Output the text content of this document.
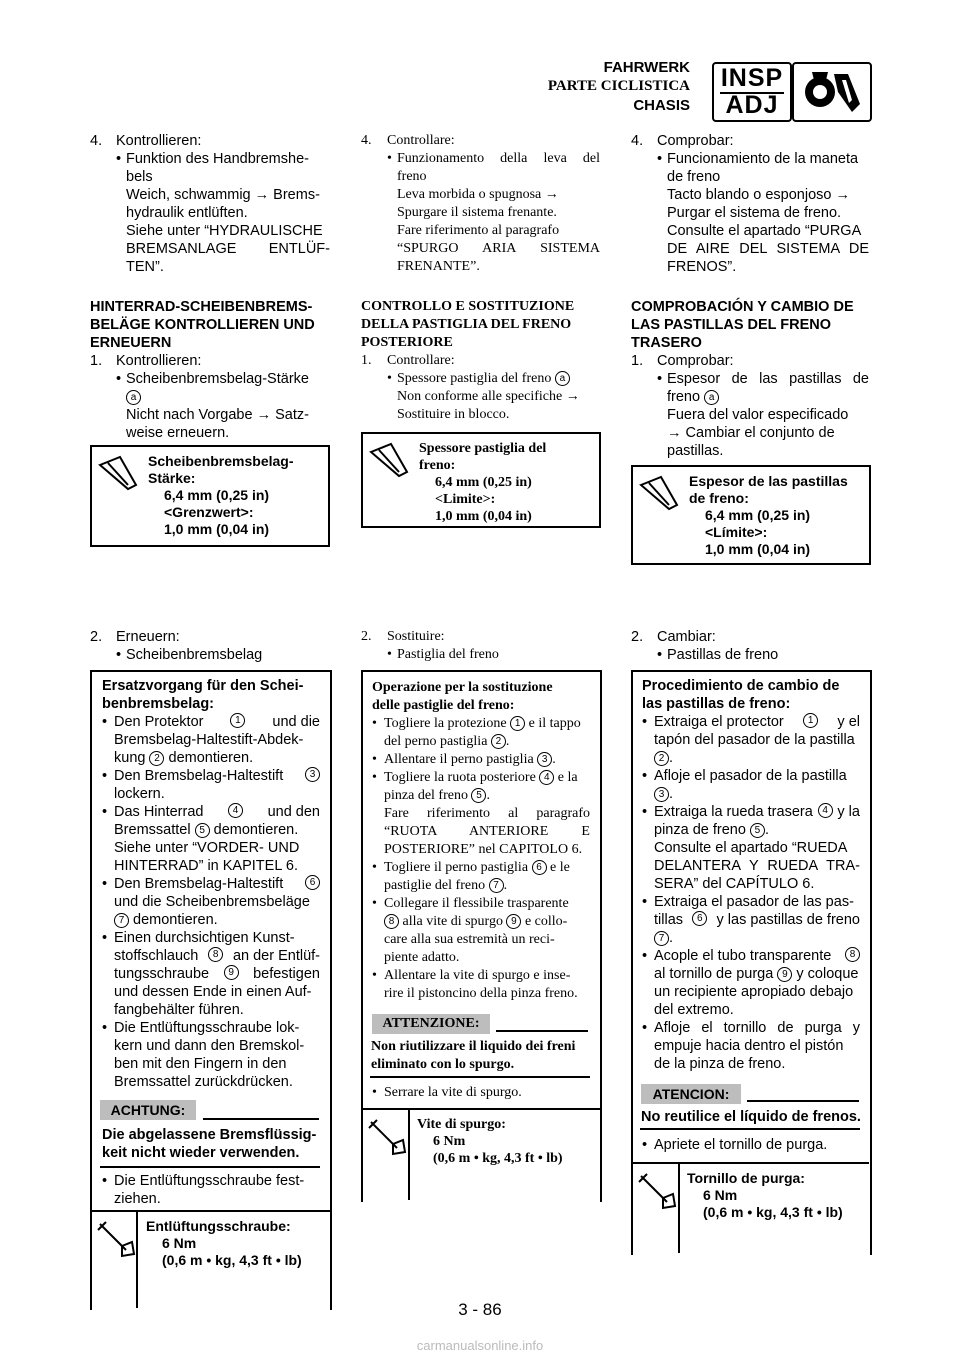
FAHRWERK
PARTE CICLISTICA
CHASIS
INSP
ADJ
4. Kontrollieren:
• Funktion des Handbremshe-
bels
Weich, schwammig → Brems-
hydraulik entlüften.
Siehe unter “HYDRAULISCHE
BREMSANLAGE ENTLÜF-
TEN”.
HINTERRAD-SCHEIBENBREMS-
BELÄGE KONTROLLIEREN UND
ERNEUERN
1. Kontrollieren:
• Scheibenbremsbelag-Stärke
a
Nicht nach Vorgabe → Satz-
weise erneuern.
Scheibenbremsbelag-
Stärke:
6,4 mm (0,25 in)
<Grenzwert>:
1,0 mm (0,04 in)
2. Erneuern:
• Scheibenbremsbelag
Ersatzvorgang für den Schei-
benbremsbelag:
• Den Protektor	1	und die
Bremsbelag-Haltestift-Abdek-
kung 2 demontieren.
• Den Bremsbelag-Haltestift	3
lockern.
• Das Hinterrad	4	und den
Bremssattel 5 demontieren.
Siehe unter “VORDER- UND
HINTERRAD” in KAPITEL 6.
• Den Bremsbelag-Haltestift	6
und die Scheibenbremsbeläge
7 demontieren.
• Einen durchsichtigen Kunst-
stoffschlauch	8	an der Entlüf-
tungsschraube	9	befestigen
und dessen Ende in einen Auf-
fangbehälter führen.
• Die Entlüftungsschraube lok-
kern und dann den Bremskol-
ben mit den Fingern in den
Bremssattel zurückdrücken.
ACHTUNG:
Die abgelassene Bremsflüssig-
keit nicht wieder verwenden.
• Die Entlüftungsschraube fest-
ziehen.
Entlüftungsschraube:
6 Nm
(0,6 m • kg, 4,3 ft • lb)
4. Controllare:
• Funzionamento della leva del
freno
Leva morbida o spugnosa →
Spurgare il sistema frenante.
Fare riferimento al paragrafo
“SPURGO ARIA SISTEMA
FRENANTE”.
CONTROLLO E SOSTITUZIONE
DELLA PASTIGLIA DEL FRENO
POSTERIORE
1. Controllare:
• Spessore pastiglia del freno a
Non conforme alle specifiche →
Sostituire in blocco.
Spessore pastiglia del
freno:
6,4 mm (0,25 in)
<Limite>:
1,0 mm (0,04 in)
2. Sostituire:
• Pastiglia del freno
Operazione per la sostituzione
delle pastiglie del freno:
• Togliere la protezione 1 e il tappo
del perno pastiglia 2 .
• Allentare il perno pastiglia 3 .
• Togliere la ruota posteriore 4 e la
pinza del freno 5 .
Fare riferimento al paragrafo
“RUOTA ANTERIORE E
POSTERIORE” nel CAPITOLO 6.
• Togliere il perno pastiglia 6 e le
pastiglie del freno 7 .
• Collegare il flessibile trasparente
8 alla vite di spurgo 9 e collo-
care alla sua estremità un reci-
piente adatto.
• Allentare la vite di spurgo e inse-
rire il pistoncino della pinza freno.
ATTENZIONE:
Non riutilizzare il liquido dei freni
eliminato con lo spurgo.
• Serrare la vite di spurgo.
Vite di spurgo:
6 Nm
(0,6 m • kg, 4,3 ft • lb)
4. Comprobar:
• Funcionamiento de la maneta
de freno
Tacto blando o esponjoso →
Purgar el sistema de freno.
Consulte el apartado “PURGA
DE AIRE DEL SISTEMA DE
FRENOS”.
COMPROBACIÓN Y CAMBIO DE
LAS PASTILLAS DEL FRENO
TRASERO
1. Comprobar:
• Espesor de las pastillas de
freno a
Fuera del valor especificado
→ Cambiar el conjunto de
pastillas.
Espesor de las pastillas
de freno:
6,4 mm (0,25 in)
<Límite>:
1,0 mm (0,04 in)
2. Cambiar:
• Pastillas de freno
Procedimiento de cambio de
las pastillas de freno:
• Extraiga el protector	1	y el
tapón del pasador de la pastilla
2 .
• Afloje el pasador de la pastilla
3 .
• Extraiga la rueda trasera 4 y la
pinza de freno 5 .
Consulte el apartado “RUEDA
DELANTERA Y RUEDA TRA-
SERA” del CAPÍTULO 6.
• Extraiga el pasador de las pas-
tillas	6 y las pastillas de freno
7 .
• Acople el tubo transparente	8
al tornillo de purga 9 y coloque
un recipiente apropiado debajo
del extremo.
• Afloje el tornillo de purga y
empuje hacia dentro el pistón
de la pinza de freno.
ATENCION:
No reutilice el líquido de frenos.
• Apriete el tornillo de purga.
Tornillo de purga:
6 Nm
(0,6 m • kg, 4,3 ft • lb)
3 - 86
carmanualsonline.info
